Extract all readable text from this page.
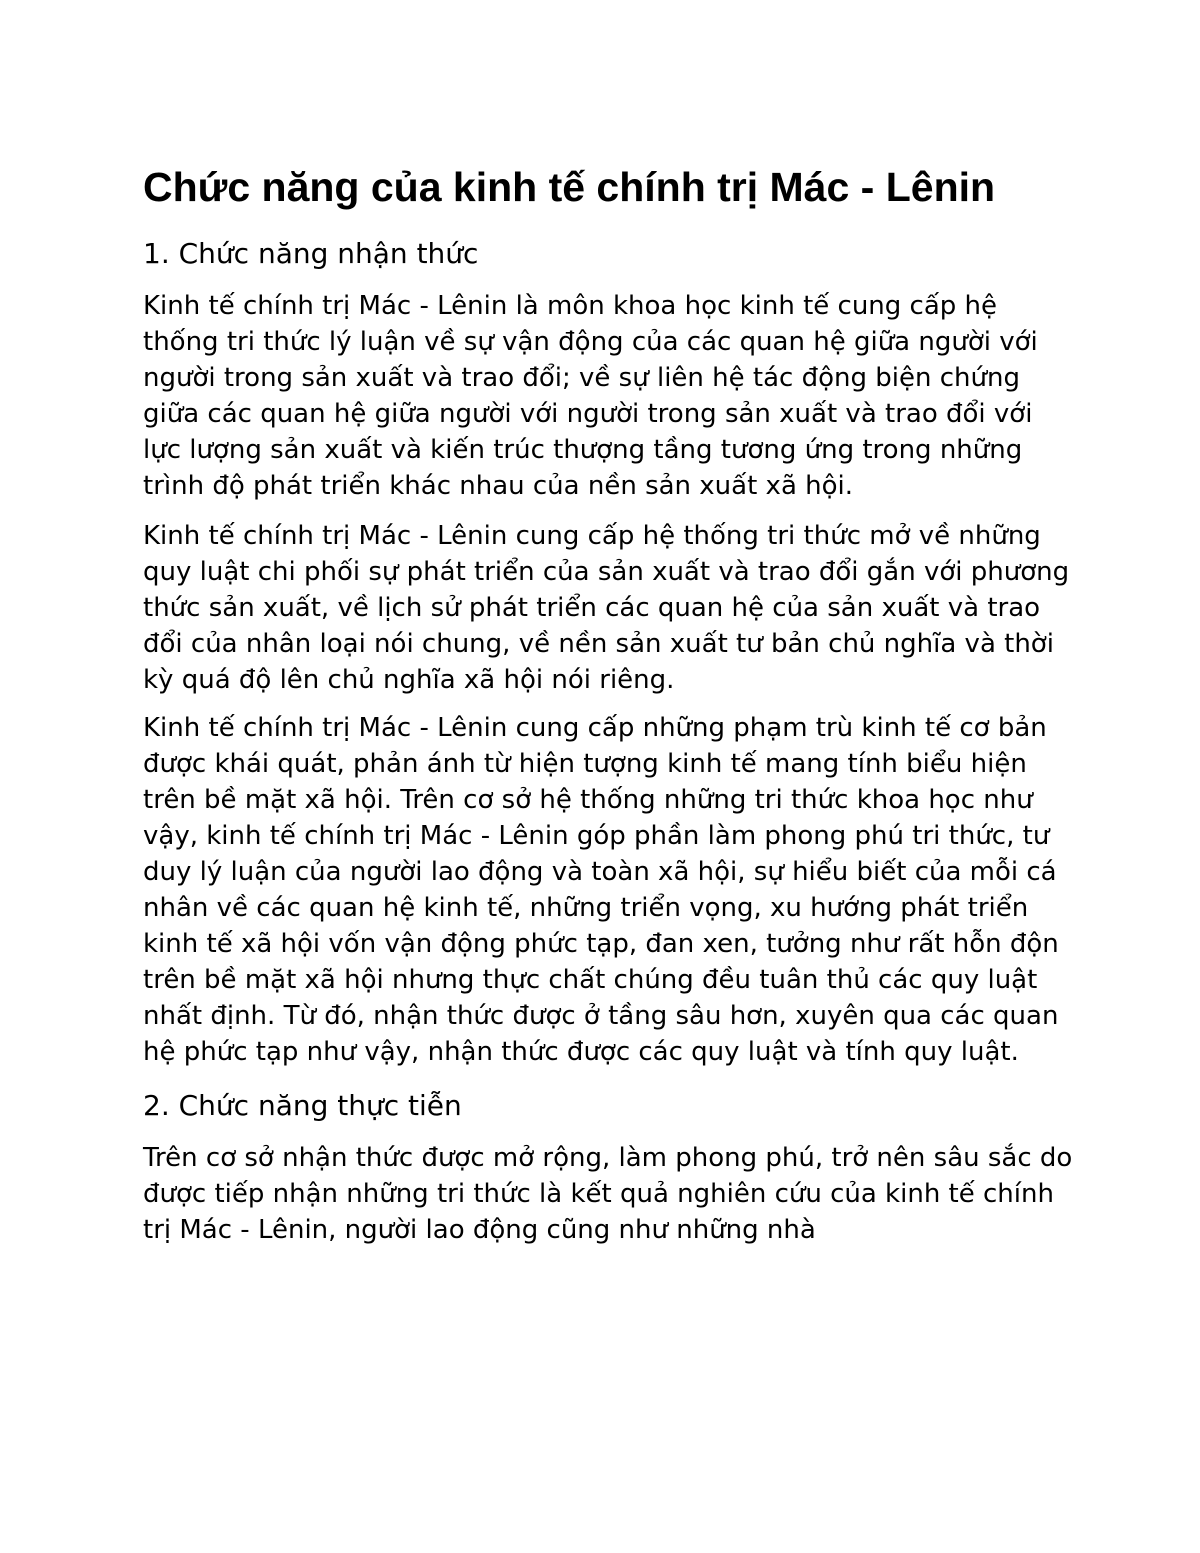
Chức năng của kinh tế chính trị Mác - Lênin
1. Chức năng nhận thức

Kinh tế chính trị Mác - Lênin là môn khoa học kinh tế cung cấp hệ thống tri thức lý luận về sự vận động của các quan hệ giữa người với người trong sản xuất và trao đổi; về sự liên hệ tác động biện chứng giữa các quan hệ giữa người với người trong sản xuất và trao đổi với lực lượng sản xuất và kiến trúc thượng tầng tương ứng trong những trình độ phát triển khác nhau của nền sản xuất xã hội.

Kinh tế chính trị Mác - Lênin cung cấp hệ thống tri thức mở về những quy luật chi phối sự phát triển của sản xuất và trao đổi gắn với phương thức sản xuất, về lịch sử phát triển các quan hệ của sản xuất và trao đổi của nhân loại nói chung, về nền sản xuất tư bản chủ nghĩa và thời kỳ quá độ lên chủ nghĩa xã hội nói riêng.

Kinh tế chính trị Mác - Lênin cung cấp những phạm trù kinh tế cơ bản được khái quát, phản ánh từ hiện tượng kinh tế mang tính biểu hiện trên bề mặt xã hội. Trên cơ sở hệ thống những tri thức khoa học như vậy, kinh tế chính trị Mác - Lênin góp phần làm phong phú tri thức, tư duy lý luận của người lao động và toàn xã hội, sự hiểu biết của mỗi cá nhân về các quan hệ kinh tế, những triển vọng, xu hướng phát triển kinh tế xã hội vốn vận động phức tạp, đan xen, tưởng như rất hỗn độn trên bề mặt xã hội nhưng thực chất chúng đều tuân thủ các quy luật nhất định. Từ đó, nhận thức được ở tầng sâu hơn, xuyên qua các quan hệ phức tạp như vậy, nhận thức được các quy luật và tính quy luật.

2. Chức năng thực tiễn

Trên cơ sở nhận thức được mở rộng, làm phong phú, trở nên sâu sắc do được tiếp nhận những tri thức là kết quả nghiên cứu của kinh tế chính trị Mác - Lênin, người lao động cũng như những nhà
